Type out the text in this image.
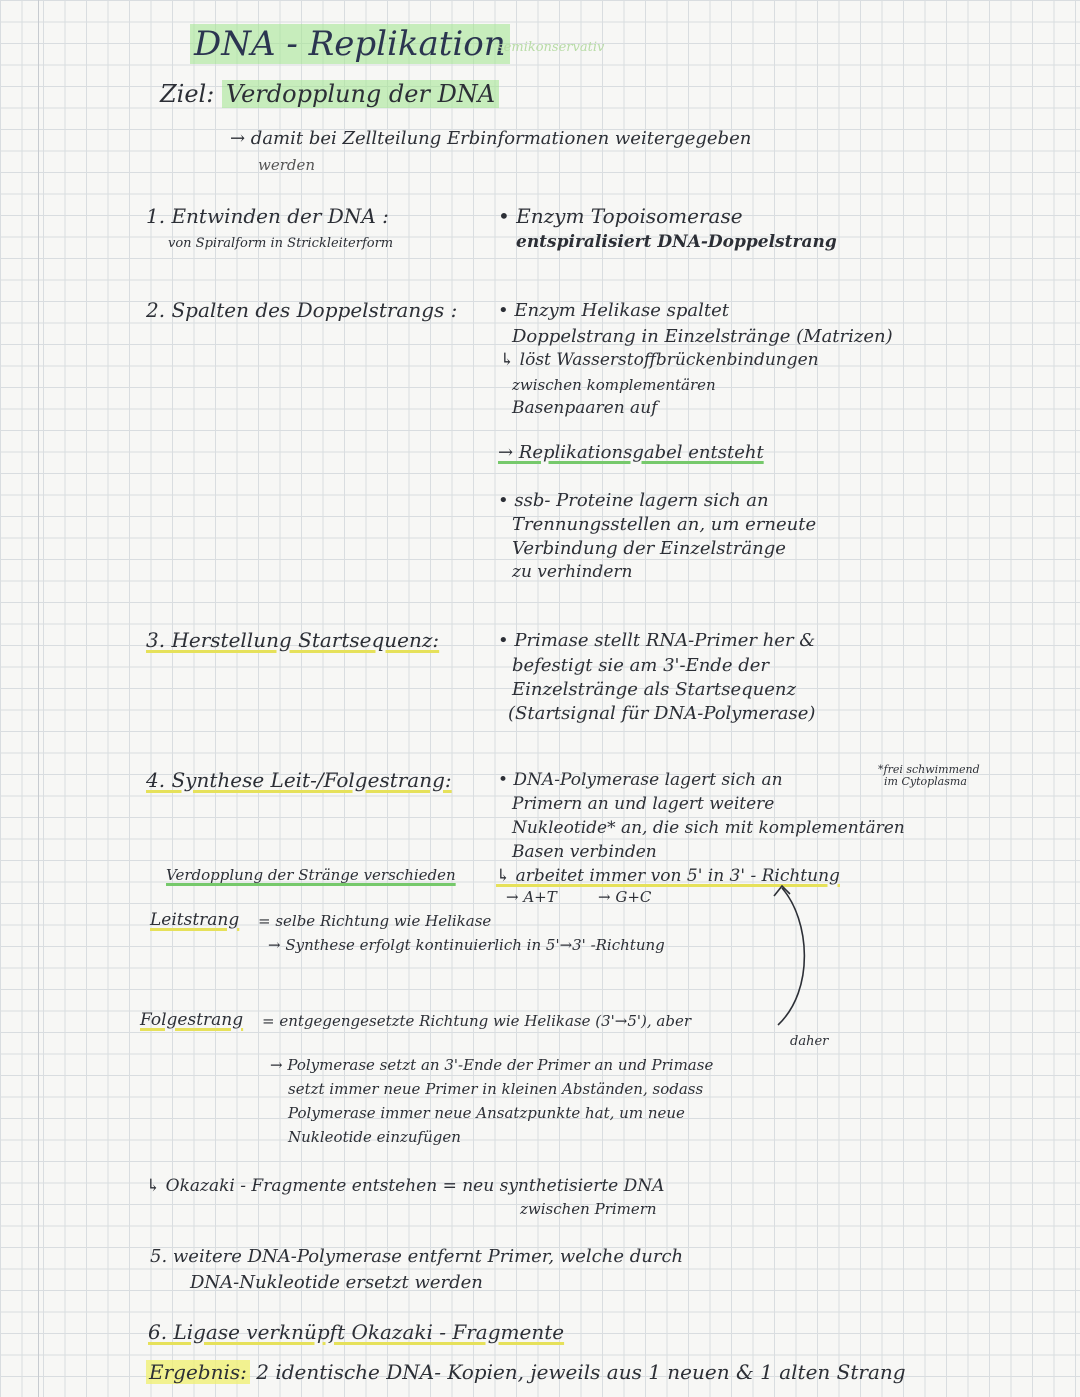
DNA - Replikation
semikonservativ
Ziel: Verdopplung der DNA
→ damit bei Zellteilung Erbinformationen weitergegeben
werden
1. Entwinden der DNA :
von Spiralform in Strickleiterform
• Enzym Topoisomerase
entspiralisiert DNA-Doppelstrang
2. Spalten des Doppelstrangs : • Enzym Helikase spaltet
Doppelstrang in Einzelstränge (Matrizen)
↳ löst Wasserstoffbrückenbindungen
zwischen komplementären
Basenpaaren auf
→ Replikationsgabel entsteht
• ssb- Proteine lagern sich an
Trennungsstellen an, um erneute
Verbindung der Einzelstränge
zu verhindern
3. Herstellung Startsequenz:	• Primase stellt RNA-Primer her &
befestigt sie am 3'-Ende der
Einzelstränge als Startsequenz
(Startsignal für DNA-Polymerase)
4. Synthese Leit-/Folgestrang:	• DNA-Polymerase lagert sich an
Primern an und lagert weitere
Nukleotide* an, die sich mit komplementären
Basen verbinden
↳ arbeitet immer von 5' in 3' - Richtung
→ A+T	→ G+C
*frei schwimmend
im Cytoplasma
Verdopplung der Stränge verschieden
Leitstrang = selbe Richtung wie Helikase
→ Synthese erfolgt kontinuierlich in 5'→3' -Richtung
Folgestrang = entgegengesetzte Richtung wie Helikase (3'→5'), aber
daher
→ Polymerase setzt an 3'-Ende der Primer an und Primase
setzt immer neue Primer in kleinen Abständen, sodass
Polymerase immer neue Ansatzpunkte hat, um neue
Nukleotide einzufügen
↳ Okazaki - Fragmente entstehen = neu synthetisierte DNA
zwischen Primern
5. weitere DNA-Polymerase entfernt Primer, welche durch
DNA-Nukleotide ersetzt werden
6. Ligase verknüpft Okazaki - Fragmente
Ergebnis: 2 identische DNA- Kopien, jeweils aus 1 neuen & 1 alten Strang
